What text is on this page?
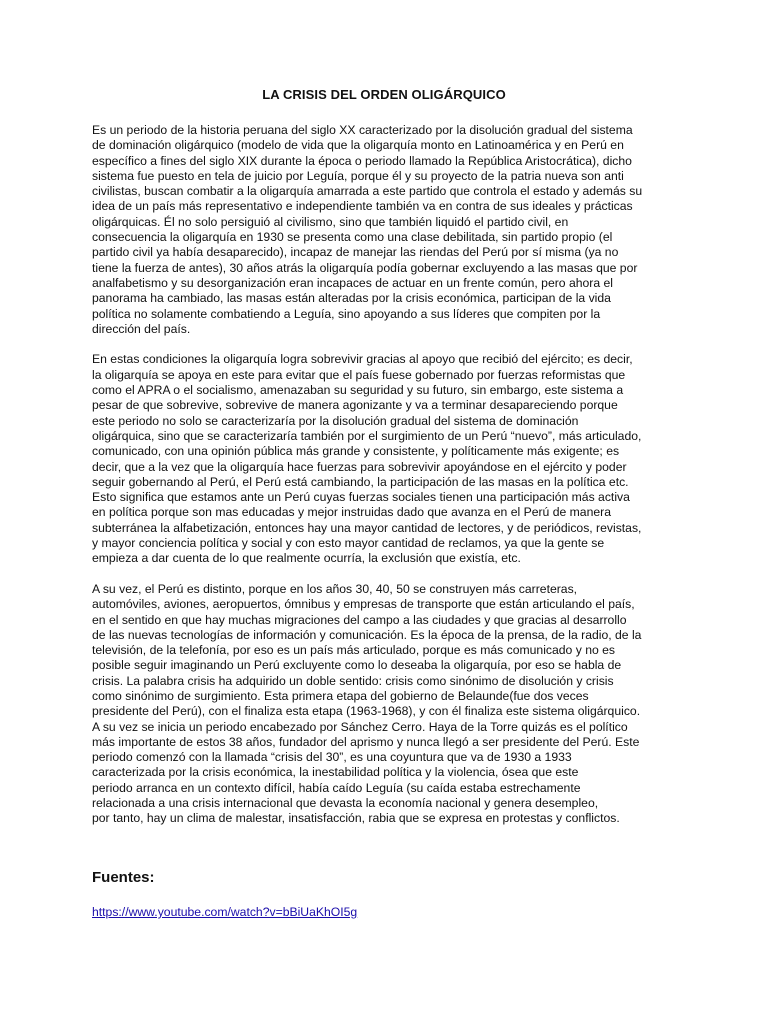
LA CRISIS DEL ORDEN OLIGÁRQUICO

Es un periodo de la historia peruana del siglo XX caracterizado por la disolución gradual del sistema
de dominación oligárquico (modelo de vida que la oligarquía monto en Latinoamérica y en Perú en
específico a fines del siglo XIX durante la época o periodo llamado la República Aristocrática), dicho
sistema fue puesto en tela de juicio por Leguía, porque él y su proyecto de la patria nueva son anti
civilistas, buscan combatir a la oligarquía amarrada a este partido que controla el estado y además su
idea de un país más representativo e independiente también va en contra de sus ideales y prácticas
oligárquicas. Él no solo persiguió al civilismo, sino que también liquidó el partido civil, en
consecuencia la oligarquía en 1930 se presenta como una clase debilitada, sin partido propio (el
partido civil ya había desaparecido), incapaz de manejar las riendas del Perú por sí misma (ya no
tiene la fuerza de antes), 30 años atrás la oligarquía podía gobernar excluyendo a las masas que por
analfabetismo y su desorganización eran incapaces de actuar en un frente común, pero ahora el
panorama ha cambiado, las masas están alteradas por la crisis económica, participan de la vida
política no solamente combatiendo a Leguía, sino apoyando a sus líderes que compiten por la
dirección del país.

En estas condiciones la oligarquía logra sobrevivir gracias al apoyo que recibió del ejército; es decir,
la oligarquía se apoya en este para evitar que el país fuese gobernado por fuerzas reformistas que
como el APRA o el socialismo, amenazaban su seguridad y su futuro, sin embargo, este sistema a
pesar de que sobrevive, sobrevive de manera agonizante y va a terminar desapareciendo porque
este periodo no solo se caracterizaría por la disolución gradual del sistema de dominación
oligárquica, sino que se caracterizaría también por el surgimiento de un Perú “nuevo”, más articulado,
comunicado, con una opinión pública más grande y consistente, y políticamente más exigente; es
decir, que a la vez que la oligarquía hace fuerzas para sobrevivir apoyándose en el ejército y poder
seguir gobernando al Perú, el Perú está cambiando, la participación de las masas en la política etc.
Esto significa que estamos ante un Perú cuyas fuerzas sociales tienen una participación más activa
en política porque son mas educadas y mejor instruidas dado que avanza en el Perú de manera
subterránea la alfabetización, entonces hay una mayor cantidad de lectores, y de periódicos, revistas,
y mayor conciencia política y social y con esto mayor cantidad de reclamos, ya que la gente se
empieza a dar cuenta de lo que realmente ocurría, la exclusión que existía, etc.

A su vez, el Perú es distinto, porque en los años 30, 40, 50 se construyen más carreteras,
automóviles, aviones, aeropuertos, ómnibus y empresas de transporte que están articulando el país,
en el sentido en que hay muchas migraciones del campo a las ciudades y que gracias al desarrollo
de las nuevas tecnologías de información y comunicación. Es la época de la prensa, de la radio, de la
televisión, de la telefonía, por eso es un país más articulado, porque es más comunicado y no es
posible seguir imaginando un Perú excluyente como lo deseaba la oligarquía, por eso se habla de
crisis. La palabra crisis ha adquirido un doble sentido: crisis como sinónimo de disolución y crisis
como sinónimo de surgimiento. Esta primera etapa del gobierno de Belaunde(fue dos veces
presidente del Perú), con el finaliza esta etapa (1963-1968), y con él finaliza este sistema oligárquico.
A su vez se inicia un periodo encabezado por Sánchez Cerro. Haya de la Torre quizás es el político
más importante de estos 38 años, fundador del aprismo y nunca llegó a ser presidente del Perú. Este
periodo comenzó con la llamada “crisis del 30”, es una coyuntura que va de 1930 a 1933
caracterizada por la crisis económica, la inestabilidad política y la violencia, ósea que este
periodo arranca en un contexto difícil, había caído Leguía (su caída estaba estrechamente
relacionada a una crisis internacional que devasta la economía nacional y genera desempleo,
por tanto, hay un clima de malestar, insatisfacción, rabia que se expresa en protestas y conflictos.

Fuentes:
https://www.youtube.com/watch?v=bBiUaKhOI5g
